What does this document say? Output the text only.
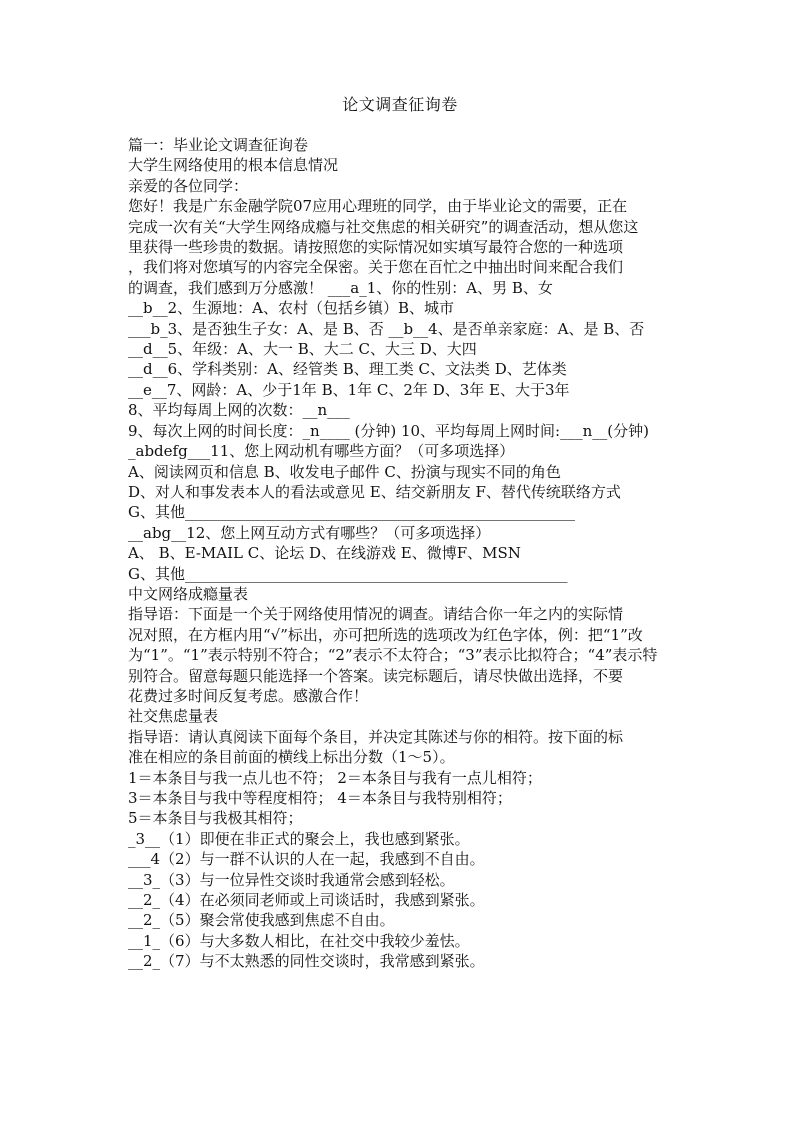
论文调查征询卷
篇一：毕业论文调查征询卷
大学生网络使用的根本信息情况
亲爱的各位同学：
您好！我是广东金融学院07应用心理班的同学，由于毕业论文的需要，正在
完成一次有关“大学生网络成瘾与社交焦虑的相关研究”的调查活动，想从您这
里获得一些珍贵的数据。请按照您的实际情况如实填写最符合您的一种选项
，我们将对您填写的内容完全保密。关于您在百忙之中抽出时间来配合我们
的调查，我们感到万分感激！ ___a_1、你的性别：A、男 B、女
__b__2、生源地：A、农村（包括乡镇）B、城市
___b_3、是否独生子女：A、是 B、否 __b__4、是否单亲家庭：A、是 B、否
__d__5、年级：A、大一 B、大二 C、大三 D、大四
__d__6、学科类别：A、经管类 B、理工类 C、文法类 D、艺体类
__e__7、网龄：A、少于1年 B、1年 C、2年 D、3年 E、大于3年
8、平均每周上网的次数：__n___
9、每次上网的时间长度：_n____ (分钟) 10、平均每周上网时间:___n__(分钟)
_abdefg___11、您上网动机有哪些方面？（可多项选择）
A、阅读网页和信息 B、收发电子邮件 C、扮演与现实不同的角色
D、对人和事发表本人的看法或意见 E、结交新朋友 F、替代传统联络方式
G、其他____________________________________________________
__abg__12、您上网互动方式有哪些？（可多项选择）
A、 B、E-MAIL C、论坛 D、在线游戏 E、微博F、MSN
G、其他___________________________________________________
中文网络成瘾量表
指导语：下面是一个关于网络使用情况的调查。请结合你一年之内的实际情
况对照，在方框内用“√”标出，亦可把所选的选项改为红色字体，例：把“1”改
为“1”。“1”表示特别不符合；“2”表示不太符合；“3”表示比拟符合；“4”表示特
别符合。留意每题只能选择一个答案。读完标题后，请尽快做出选择，不要
花费过多时间反复考虑。感激合作！
社交焦虑量表
指导语：请认真阅读下面每个条目，并决定其陈述与你的相符。按下面的标
准在相应的条目前面的横线上标出分数（1～5）。
1＝本条目与我一点儿也不符； 2＝本条目与我有一点儿相符；
3＝本条目与我中等程度相符； 4＝本条目与我特别相符；
5＝本条目与我极其相符；
_3__（1）即便在非正式的聚会上，我也感到紧张。
___4（2）与一群不认识的人在一起，我感到不自由。
__3_（3）与一位异性交谈时我通常会感到轻松。
__2_（4）在必须同老师或上司谈话时，我感到紧张。
__2_（5）聚会常使我感到焦虑不自由。
__1_（6）与大多数人相比，在社交中我较少羞怯。
__2_（7）与不太熟悉的同性交谈时，我常感到紧张。
